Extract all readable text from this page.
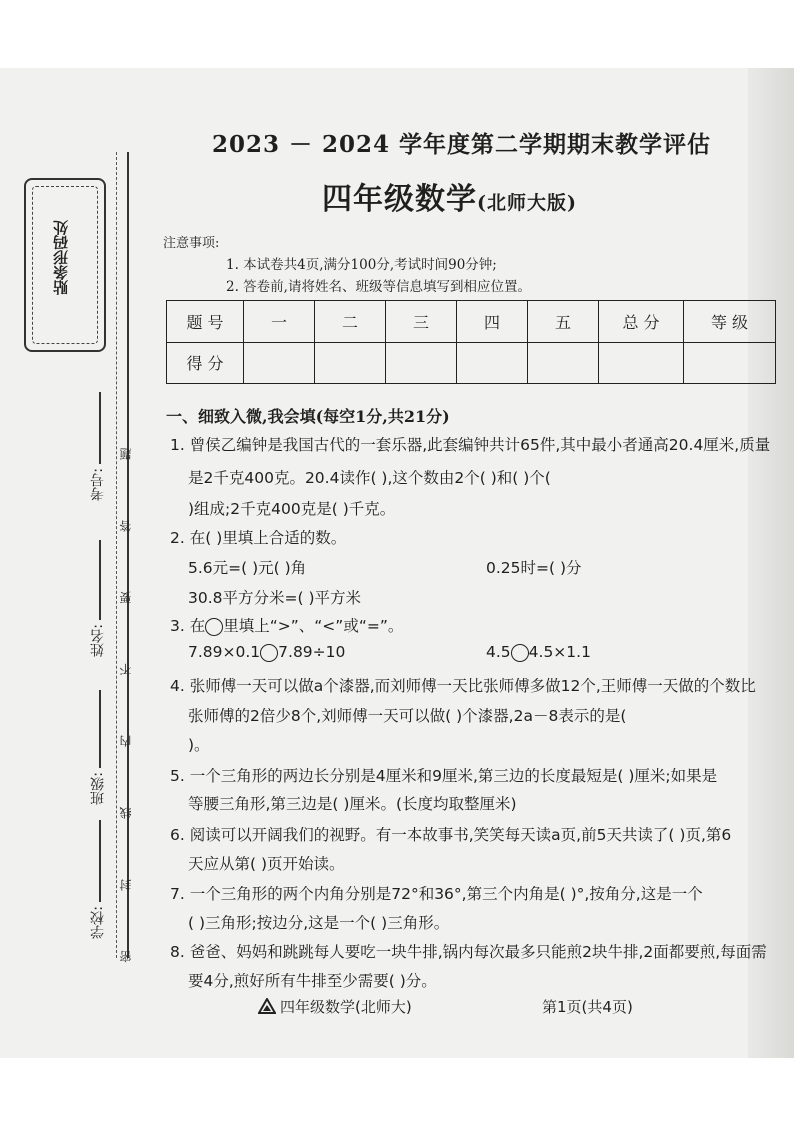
贴条形码处
密 封 线 内 不 要 答 题
学校:
班级:
姓名:
考号:
2023 － 2024 学年度第二学期期末教学评估
四年级数学(北师大版)
注意事项:
1. 本试卷共4页,满分100分,考试时间90分钟;
2. 答卷前,请将姓名、班级等信息填写到相应位置。
题 号	一	二	三	四	五	总 分	等 级
得 分							
一、细致入微,我会填(每空1分,共21分)
1. 曾侯乙编钟是我国古代的一套乐器,此套编钟共计65件,其中最小者通高20.4厘米,质量
是2千克400克。20.4读作( ),这个数由2个( )和( )个(
)组成;2千克400克是( )千克。
2. 在( )里填上合适的数。
5.6元=( )元( )角	0.25时=( )分
30.8平方分米=( )平方米
3. 在 里填上“>”、“<”或“=”。
7.89×0.1 7.89÷10	4.5 4.5×1.1
4. 张师傅一天可以做a个漆器,而刘师傅一天比张师傅多做12个,王师傅一天做的个数比
张师傅的2倍少8个,刘师傅一天可以做( )个漆器,2a－8表示的是(
)。
5. 一个三角形的两边长分别是4厘米和9厘米,第三边的长度最短是( )厘米;如果是
等腰三角形,第三边是( )厘米。(长度均取整厘米)
6. 阅读可以开阔我们的视野。有一本故事书,笑笑每天读a页,前5天共读了( )页,第6
天应从第( )页开始读。
7. 一个三角形的两个内角分别是72°和36°,第三个内角是( )°,按角分,这是一个
( )三角形;按边分,这是一个( )三角形。
8. 爸爸、妈妈和跳跳每人要吃一块牛排,锅内每次最多只能煎2块牛排,2面都要煎,每面需
要4分,煎好所有牛排至少需要( )分。
四年级数学(北师大)	第1页(共4页)
